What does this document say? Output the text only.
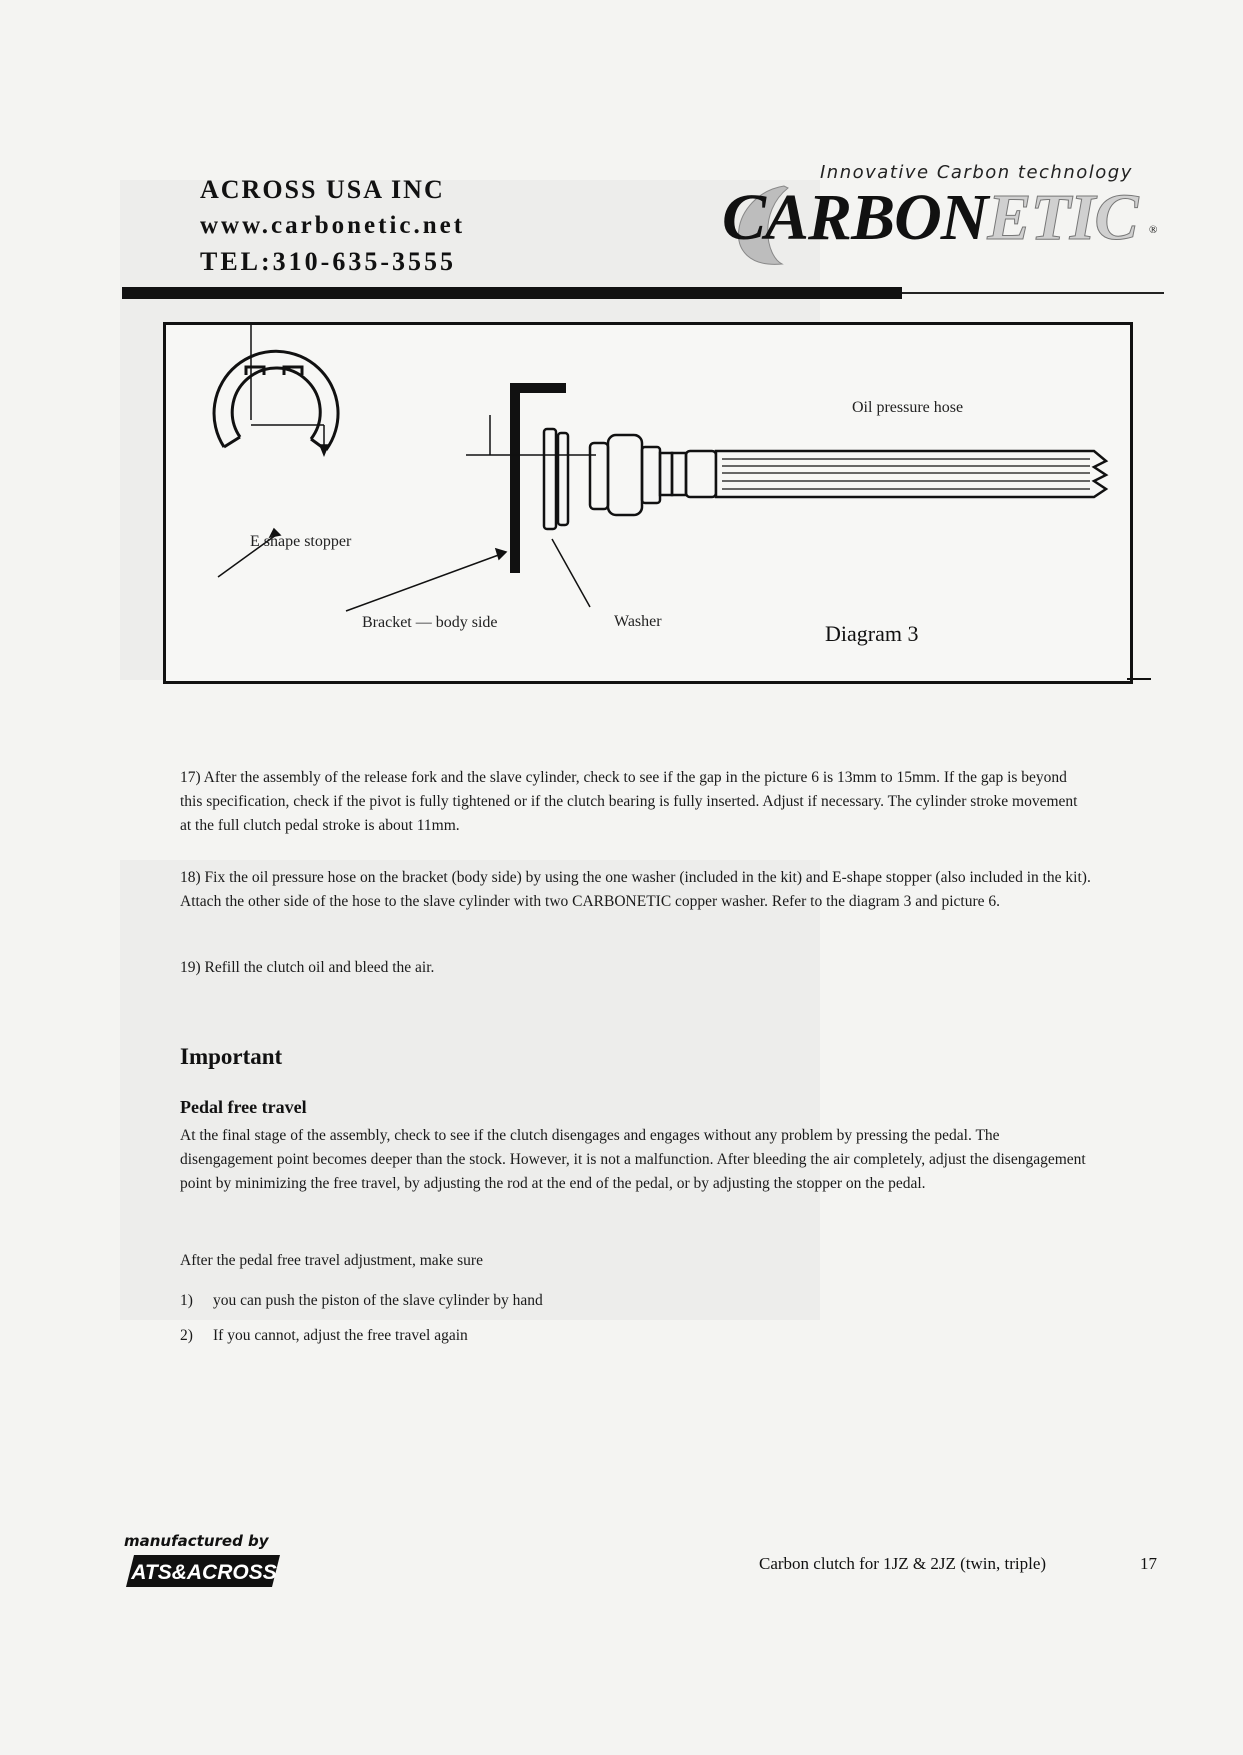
ACROSS USA INC
www.carbonetic.net
TEL:310-635-3555
Innovative Carbon technology
CARBONETIC ®
Oil pressure hose
E shape stopper
Bracket — body side	Washer	Diagram 3
17) After the assembly of the release fork and the slave cylinder, check to see if the gap in the picture 6 is 13mm to 15mm. If the gap is beyond this specification, check if the pivot is fully tightened or if the clutch bearing is fully inserted. Adjust if necessary. The cylinder stroke movement at the full clutch pedal stroke is about 11mm.
18) Fix the oil pressure hose on the bracket (body side) by using the one washer (included in the kit) and E-shape stopper (also included in the kit). Attach the other side of the hose to the slave cylinder with two CARBONETIC copper washer. Refer to the diagram 3 and picture 6.
19) Refill the clutch oil and bleed the air.
Important
Pedal free travel
At the final stage of the assembly, check to see if the clutch disengages and engages without any problem by pressing the pedal. The disengagement point becomes deeper than the stock. However, it is not a malfunction. After bleeding the air completely, adjust the disengagement point by minimizing the free travel, by adjusting the rod at the end of the pedal, or by adjusting the stopper on the pedal.
After the pedal free travel adjustment, make sure
1) you can push the piston of the slave cylinder by hand
2) If you cannot, adjust the free travel again
manufactured by
ATS&ACROSS	Carbon clutch for 1JZ & 2JZ (twin, triple)	17
